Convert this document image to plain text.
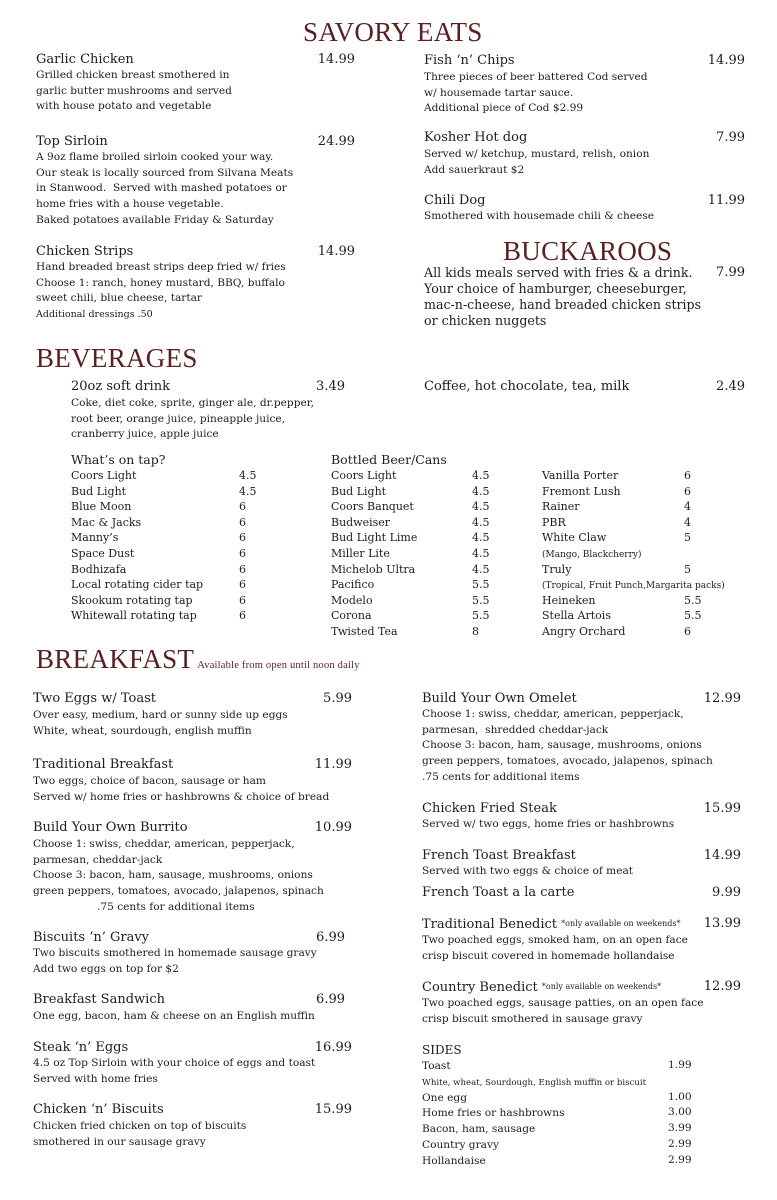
SAVORY EATS
Garlic Chicken	14.99
Grilled chicken breast smothered in
garlic butter mushrooms and served
with house potato and vegetable
Top Sirloin	24.99
A 9oz flame broiled sirloin cooked your way.
Our steak is locally sourced from Silvana Meats
in Stanwood.  Served with mashed potatoes or
home fries with a house vegetable.
Baked potatoes available Friday & Saturday
Chicken Strips	14.99
Hand breaded breast strips deep fried w/ fries
Choose 1: ranch, honey mustard, BBQ, buffalo
sweet chili, blue cheese, tartar
Additional dressings .50
Fish ‘n’ Chips	14.99
Three pieces of beer battered Cod served
w/ housemade tartar sauce.
Additional piece of Cod $2.99
Kosher Hot dog	7.99
Served w/ ketchup, mustard, relish, onion
Add sauerkraut $2
Chili Dog	11.99
Smothered with housemade chili & cheese
BUCKAROOS
All kids meals served with fries & a drink.
Your choice of hamburger, cheeseburger,
mac-n-cheese, hand breaded chicken strips
or chicken nuggets
7.99
BEVERAGES
20oz soft drink	3.49
Coke, diet coke, sprite, ginger ale, dr.pepper,
root beer, orange juice, pineapple juice,
cranberry juice, apple juice
Coffee, hot chocolate, tea, milk	2.49
What’s on tap?
Coors Light	4.5
Bud Light	4.5
Blue Moon	6
Mac & Jacks	6
Manny’s	6
Space Dust	6
Bodhizafa	6
Local rotating cider tap	6
Skookum rotating tap	6
Whitewall rotating tap	6
Bottled Beer/Cans
Coors Light	4.5
Bud Light	4.5
Coors Banquet	4.5
Budweiser	4.5
Bud Light Lime	4.5
Miller Lite	4.5
Michelob Ultra	4.5
Pacifico	5.5
Modelo	5.5
Corona	5.5
Twisted Tea	8
Vanilla Porter	6
Fremont Lush	6
Rainer	4
PBR	4
White Claw	5
(Mango, Blackcherry)
Truly	5
(Tropical, Fruit Punch,Margarita packs)
Heineken	5.5
Stella Artois	5.5
Angry Orchard	6
BREAKFAST Available from open until noon daily
Two Eggs w/ Toast	5.99
Over easy, medium, hard or sunny side up eggs
White, wheat, sourdough, english muffin
Traditional Breakfast	11.99
Two eggs, choice of bacon, sausage or ham
Served w/ home fries or hashbrowns & choice of bread
Build Your Own Burrito	10.99
Choose 1: swiss, cheddar, american, pepperjack,
parmesan, cheddar-jack
Choose 3: bacon, ham, sausage, mushrooms, onions
green peppers, tomatoes, avocado, jalapenos, spinach
.75 cents for additional items
Biscuits ‘n’ Gravy	6.99
Two biscuits smothered in homemade sausage gravy
Add two eggs on top for $2
Breakfast Sandwich	6.99
One egg, bacon, ham & cheese on an English muffin
Steak ‘n’ Eggs	16.99
4.5 oz Top Sirloin with your choice of eggs and toast
Served with home fries
Chicken ‘n’ Biscuits	15.99
Chicken fried chicken on top of biscuits
smothered in our sausage gravy
Build Your Own Omelet	12.99
Choose 1: swiss, cheddar, american, pepperjack,
parmesan,  shredded cheddar-jack
Choose 3: bacon, ham, sausage, mushrooms, onions
green peppers, tomatoes, avocado, jalapenos, spinach
.75 cents for additional items
Chicken Fried Steak	15.99
Served w/ two eggs, home fries or hashbrowns
French Toast Breakfast	14.99
Served with two eggs & choice of meat
French Toast a la carte	9.99
Traditional Benedict *only available on weekends*	13.99
Two poached eggs, smoked ham, on an open face
crisp biscuit covered in homemade hollandaise
Country Benedict *only available on weekends*	12.99
Two poached eggs, sausage patties, on an open face
crisp biscuit smothered in sausage gravy
SIDES
Toast	1.99
White, wheat, Sourdough, English muffin or biscuit
One egg	1.00
Home fries or hashbrowns	3.00
Bacon, ham, sausage	3.99
Country gravy	2.99
Hollandaise	2.99
